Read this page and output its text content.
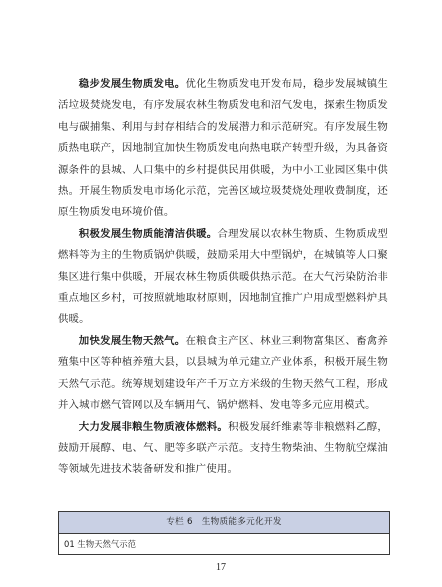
稳步发展生物质发电。优化生物质发电开发布局，稳步发展城镇生活垃圾焚烧发电，有序发展农林生物质发电和沼气发电，探索生物质发电与碳捕集、利用与封存相结合的发展潜力和示范研究。有序发展生物质热电联产，因地制宜加快生物质发电向热电联产转型升级，为具备资源条件的县城、人口集中的乡村提供民用供暖，为中小工业园区集中供热。开展生物质发电市场化示范，完善区域垃圾焚烧处理收费制度，还原生物质发电环境价值。

积极发展生物质能清洁供暖。合理发展以农林生物质、生物质成型燃料等为主的生物质锅炉供暖，鼓励采用大中型锅炉，在城镇等人口聚集区进行集中供暖，开展农林生物质供暖供热示范。在大气污染防治非重点地区乡村，可按照就地取材原则，因地制宜推广户用成型燃料炉具供暖。

加快发展生物天然气。在粮食主产区、林业三剩物富集区、畜禽养殖集中区等种植养殖大县，以县城为单元建立产业体系，积极开展生物天然气示范。统筹规划建设年产千万立方米级的生物天然气工程，形成并入城市燃气管网以及车辆用气、锅炉燃料、发电等多元应用模式。

大力发展非粮生物质液体燃料。积极发展纤维素等非粮燃料乙醇，鼓励开展醇、电、气、肥等多联产示范。支持生物柴油、生物航空煤油等领域先进技术装备研发和推广使用。

专栏 6　生物质能多元化开发
01 生物天然气示范
17
